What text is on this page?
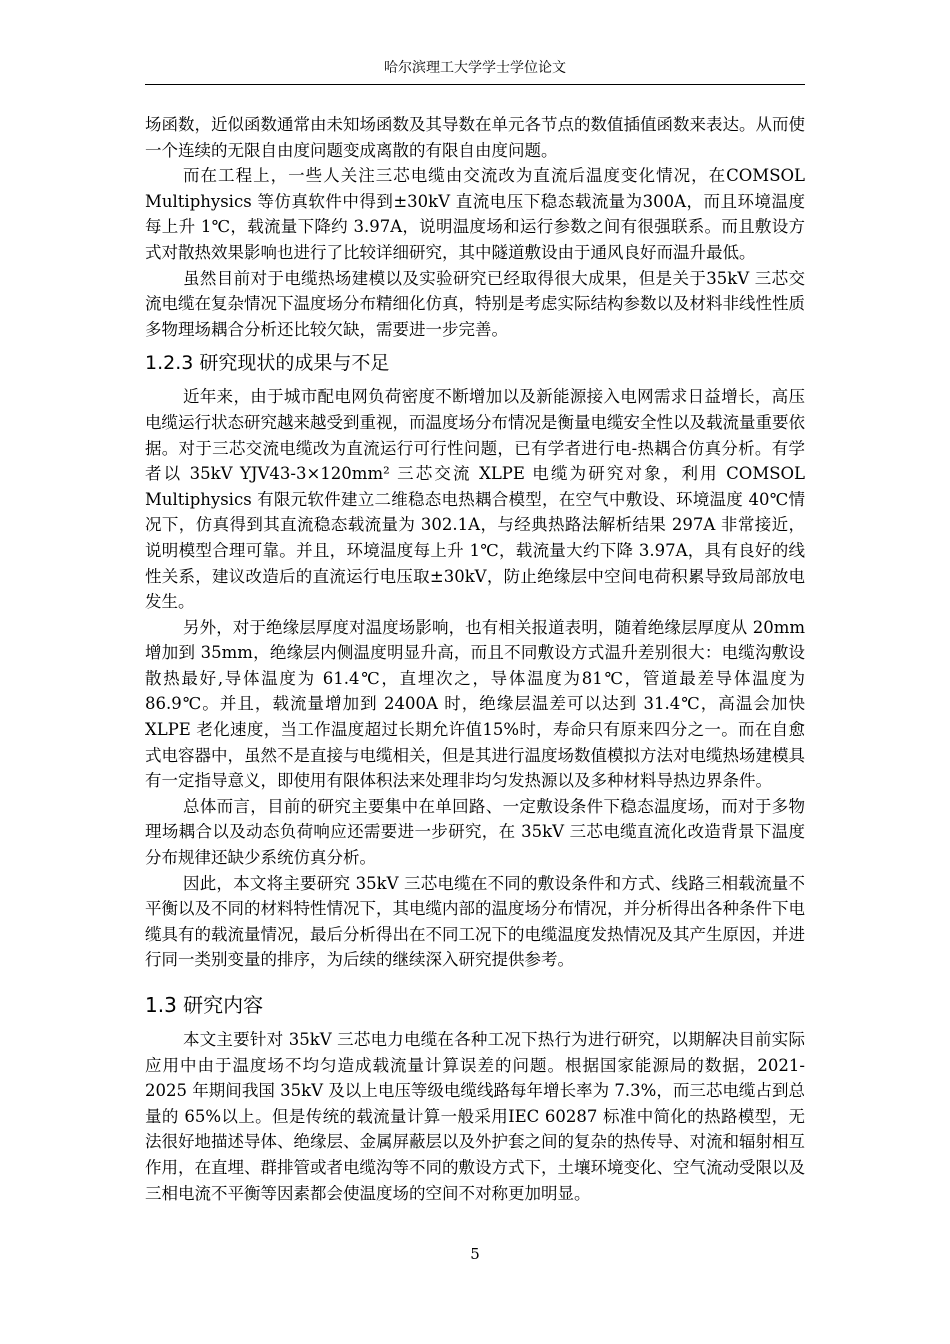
哈尔滨理工大学学士学位论文

场函数，近似函数通常由未知场函数及其导数在单元各节点的数值插值函数来表达。从而使一个连续的无限自由度问题变成离散的有限自由度问题。

而在工程上，一些人关注三芯电缆由交流改为直流后温度变化情况，在COMSOL Multiphysics 等仿真软件中得到±30kV 直流电压下稳态载流量为300A，而且环境温度每上升 1℃，载流量下降约 3.97A，说明温度场和运行参数之间有很强联系。而且敷设方式对散热效果影响也进行了比较详细研究，其中隧道敷设由于通风良好而温升最低。

虽然目前对于电缆热场建模以及实验研究已经取得很大成果，但是关于35kV 三芯交流电缆在复杂情况下温度场分布精细化仿真，特别是考虑实际结构参数以及材料非线性性质多物理场耦合分析还比较欠缺，需要进一步完善。

1.2.3 研究现状的成果与不足

近年来，由于城市配电网负荷密度不断增加以及新能源接入电网需求日益增长，高压电缆运行状态研究越来越受到重视，而温度场分布情况是衡量电缆安全性以及载流量重要依据。对于三芯交流电缆改为直流运行可行性问题，已有学者进行电-热耦合仿真分析。有学者以 35kV YJV43-3×120mm² 三芯交流 XLPE 电缆为研究对象，利用 COMSOL Multiphysics 有限元软件建立二维稳态电热耦合模型，在空气中敷设、环境温度 40℃情况下，仿真得到其直流稳态载流量为 302.1A，与经典热路法解析结果 297A 非常接近，说明模型合理可靠。并且，环境温度每上升 1℃，载流量大约下降 3.97A，具有良好的线性关系，建议改造后的直流运行电压取±30kV，防止绝缘层中空间电荷积累导致局部放电发生。

另外，对于绝缘层厚度对温度场影响，也有相关报道表明，随着绝缘层厚度从 20mm 增加到 35mm，绝缘层内侧温度明显升高，而且不同敷设方式温升差别很大：电缆沟敷设散热最好,导体温度为 61.4℃，直埋次之，导体温度为81℃，管道最差导体温度为 86.9℃。并且，载流量增加到 2400A 时，绝缘层温差可以达到 31.4℃，高温会加快 XLPE 老化速度，当工作温度超过长期允许值15%时，寿命只有原来四分之一。而在自愈式电容器中，虽然不是直接与电缆相关，但是其进行温度场数值模拟方法对电缆热场建模具有一定指导意义，即使用有限体积法来处理非均匀发热源以及多种材料导热边界条件。

总体而言，目前的研究主要集中在单回路、一定敷设条件下稳态温度场，而对于多物理场耦合以及动态负荷响应还需要进一步研究，在 35kV 三芯电缆直流化改造背景下温度分布规律还缺少系统仿真分析。

因此，本文将主要研究 35kV 三芯电缆在不同的敷设条件和方式、线路三相载流量不平衡以及不同的材料特性情况下，其电缆内部的温度场分布情况，并分析得出各种条件下电缆具有的载流量情况，最后分析得出在不同工况下的电缆温度发热情况及其产生原因，并进行同一类别变量的排序，为后续的继续深入研究提供参考。

1.3 研究内容

本文主要针对 35kV 三芯电力电缆在各种工况下热行为进行研究，以期解决目前实际应用中由于温度场不均匀造成载流量计算误差的问题。根据国家能源局的数据，2021-2025 年期间我国 35kV 及以上电压等级电缆线路每年增长率为 7.3%，而三芯电缆占到总量的 65%以上。但是传统的载流量计算一般采用IEC 60287 标准中简化的热路模型，无法很好地描述导体、绝缘层、金属屏蔽层以及外护套之间的复杂的热传导、对流和辐射相互作用，在直埋、群排管或者电缆沟等不同的敷设方式下，土壤环境变化、空气流动受限以及三相电流不平衡等因素都会使温度场的空间不对称更加明显。

5
